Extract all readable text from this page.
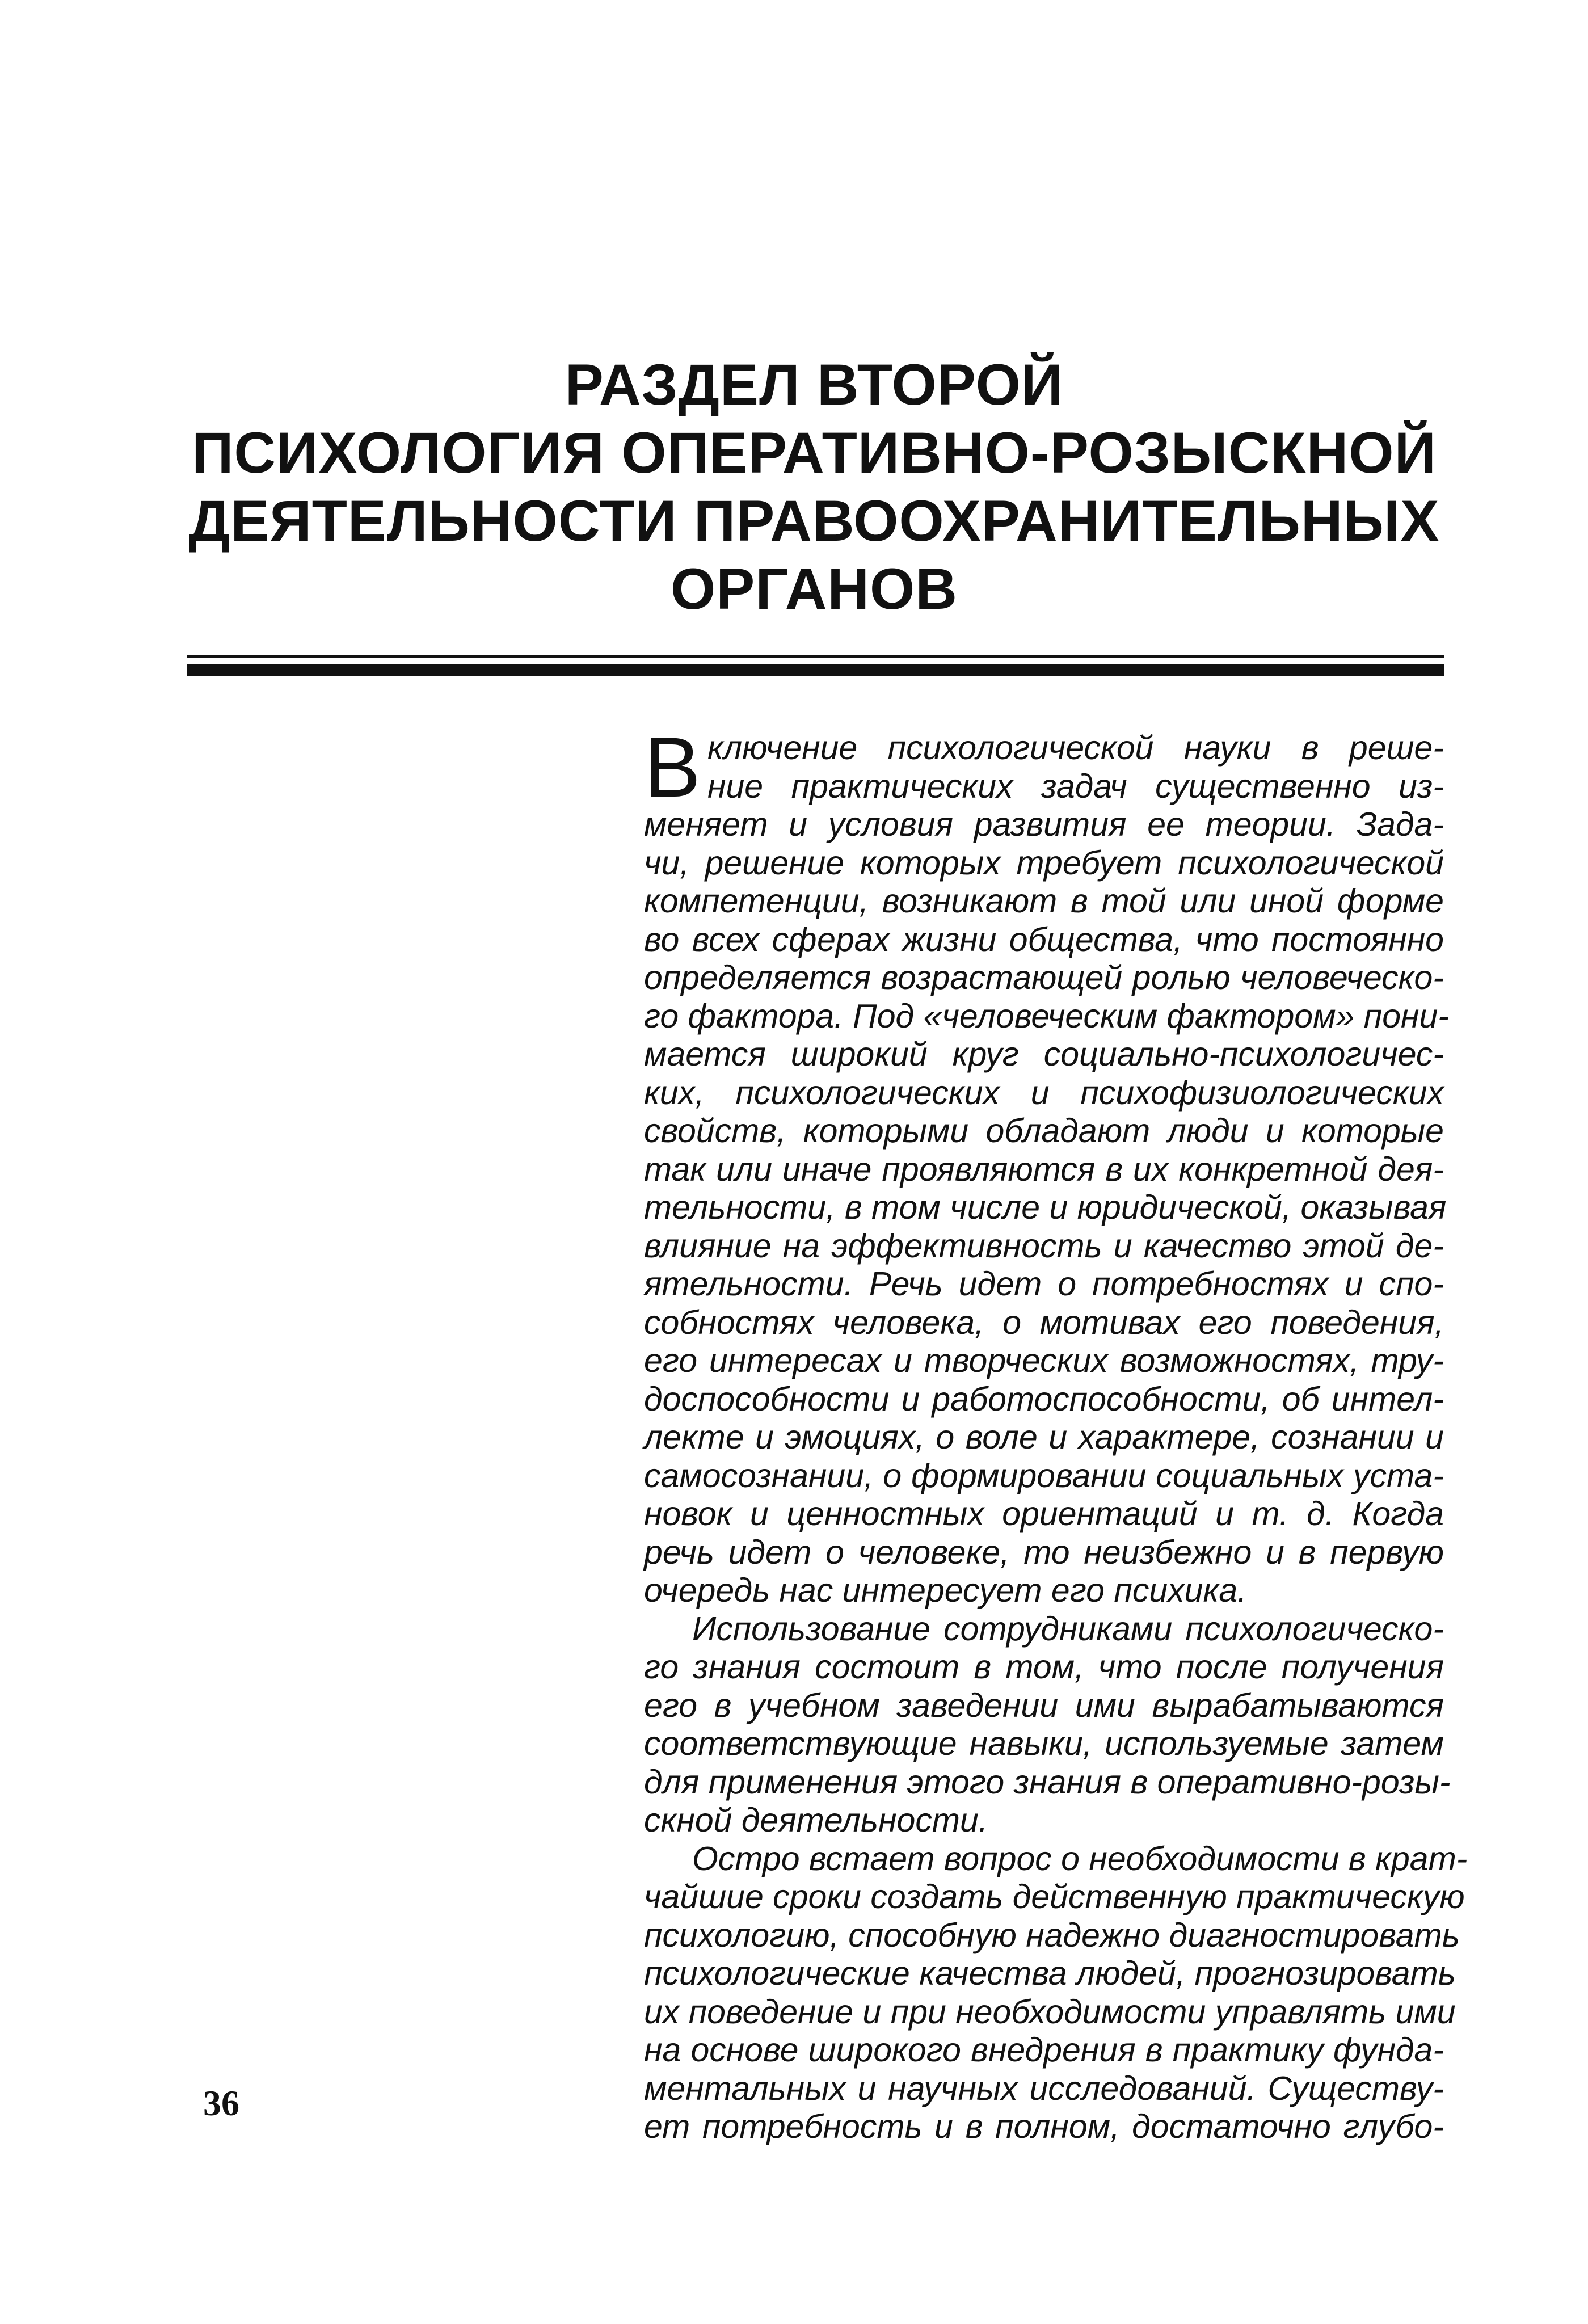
РАЗДЕЛ ВТОРОЙ
ПСИХОЛОГИЯ ОПЕРАТИВНО-РОЗЫСКНОЙ
ДЕЯТЕЛЬНОСТИ ПРАВООХРАНИТЕЛЬНЫХ
ОРГАНОВ
В ключение психологической науки в реше-
ние практических задач существенно из-
меняет и условия развития ее теории. Зада-
чи, решение которых требует психологической
компетенции, возникают в той или иной форме
во всех сферах жизни общества, что постоянно
определяется возрастающей ролью человеческо-
го фактора. Под «человеческим фактором» пони-
мается широкий круг социально-психологичес-
ких, психологических и психофизиологических
свойств, которыми обладают люди и которые
так или иначе проявляются в их конкретной дея-
тельности, в том числе и юридической, оказывая
влияние на эффективность и качество этой де-
ятельности. Речь идет о потребностях и спо-
собностях человека, о мотивах его поведения,
его интересах и творческих возможностях, тру-
доспособности и работоспособности, об интел-
лекте и эмоциях, о воле и характере, сознании и
самосознании, о формировании социальных уста-
новок и ценностных ориентаций и т. д. Когда
речь идет о человеке, то неизбежно и в первую
очередь нас интересует его психика.
Использование сотрудниками психологическо-
го знания состоит в том, что после получения
его в учебном заведении ими вырабатываются
соответствующие навыки, используемые затем
для применения этого знания в оперативно-розы-
скной деятельности.
Остро встает вопрос о необходимости в крат-
чайшие сроки создать действенную практическую
психологию, способную надежно диагностировать
психологические качества людей, прогнозировать
их поведение и при необходимости управлять ими
на основе широкого внедрения в практику фунда-
ментальных и научных исследований. Существу-
ет потребность и в полном, достаточно глубо-
36
